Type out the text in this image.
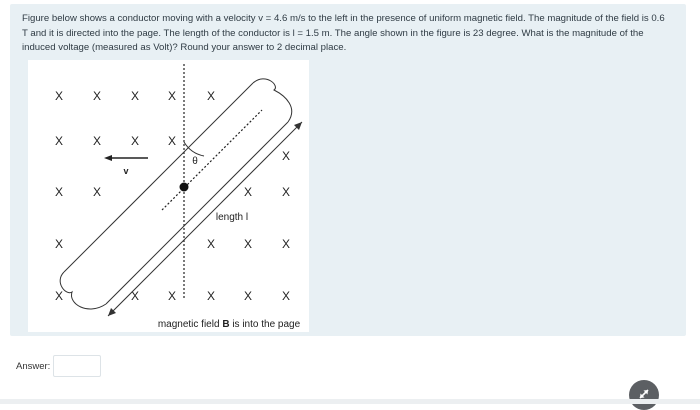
Figure below shows a conductor moving with a velocity v = 4.6 m/s to the left in the presence of uniform magnetic field. The magnitude of the field is 0.6 T and it is directed into the page. The length of the conductor is l = 1.5 m. The angle shown in the figure is 23 degree. What is the magnitude of the induced voltage (measured as Volt)? Round your answer to 2 decimal place.
X X X X	X
X X X X
X
X X	X X
X	X X X
X	X X	X X X
θ
v
length l
magnetic field B is into the page
Answer:
